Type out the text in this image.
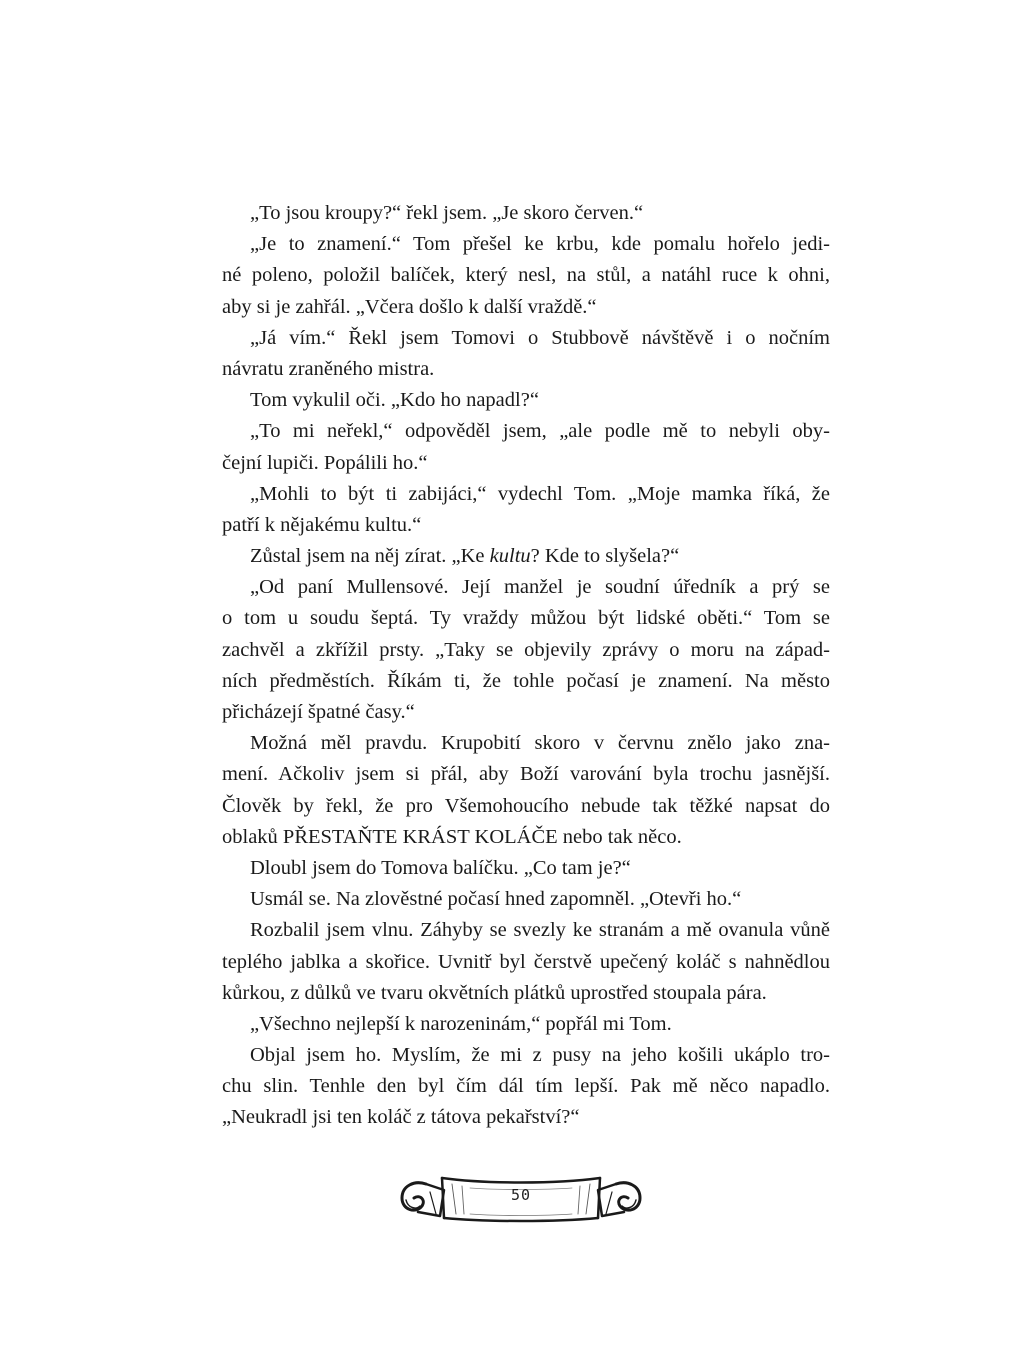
„To jsou kroupy?“ řekl jsem. „Je skoro červen.“
„Je to znamení.“ Tom přešel ke krbu, kde pomalu hořelo jedi-
né poleno, položil balíček, který nesl, na stůl, a natáhl ruce k ohni,
aby si je zahřál. „Včera došlo k další vraždě.“
„Já vím.“ Řekl jsem Tomovi o Stubbově návštěvě i o nočním
návratu zraněného mistra.
Tom vykulil oči. „Kdo ho napadl?“
„To mi neřekl,“ odpověděl jsem, „ale podle mě to nebyli oby-
čejní lupiči. Popálili ho.“
„Mohli to být ti zabijáci,“ vydechl Tom. „Moje mamka říká, že
patří k nějakému kultu.“
Zůstal jsem na něj zírat. „Ke kultu? Kde to slyšela?“
„Od paní Mullensové. Její manžel je soudní úředník a prý se
o tom u soudu šeptá. Ty vraždy můžou být lidské oběti.“ Tom se
zachvěl a zkřížil prsty. „Taky se objevily zprávy o moru na západ-
ních předměstích. Říkám ti, že tohle počasí je znamení. Na město
přicházejí špatné časy.“
Možná měl pravdu. Krupobití skoro v červnu znělo jako zna-
mení. Ačkoliv jsem si přál, aby Boží varování byla trochu jasnější.
Člověk by řekl, že pro Všemohoucího nebude tak těžké napsat do
oblaků PŘESTAŇTE KRÁST KOLÁČE nebo tak něco.
Dloubl jsem do Tomova balíčku. „Co tam je?“
Usmál se. Na zlověstné počasí hned zapomněl. „Otevři ho.“
Rozbalil jsem vlnu. Záhyby se svezly ke stranám a mě ovanula vůně
teplého jablka a skořice. Uvnitř byl čerstvě upečený koláč s nahnědlou
kůrkou, z důlků ve tvaru okvětních plátků uprostřed stoupala pára.
„Všechno nejlepší k narozeninám,“ popřál mi Tom.
Objal jsem ho. Myslím, že mi z pusy na jeho košili ukáplo tro-
chu slin. Tenhle den byl čím dál tím lepší. Pak mě něco napadlo.
„Neukradl jsi ten koláč z tátova pekařství?“
50
